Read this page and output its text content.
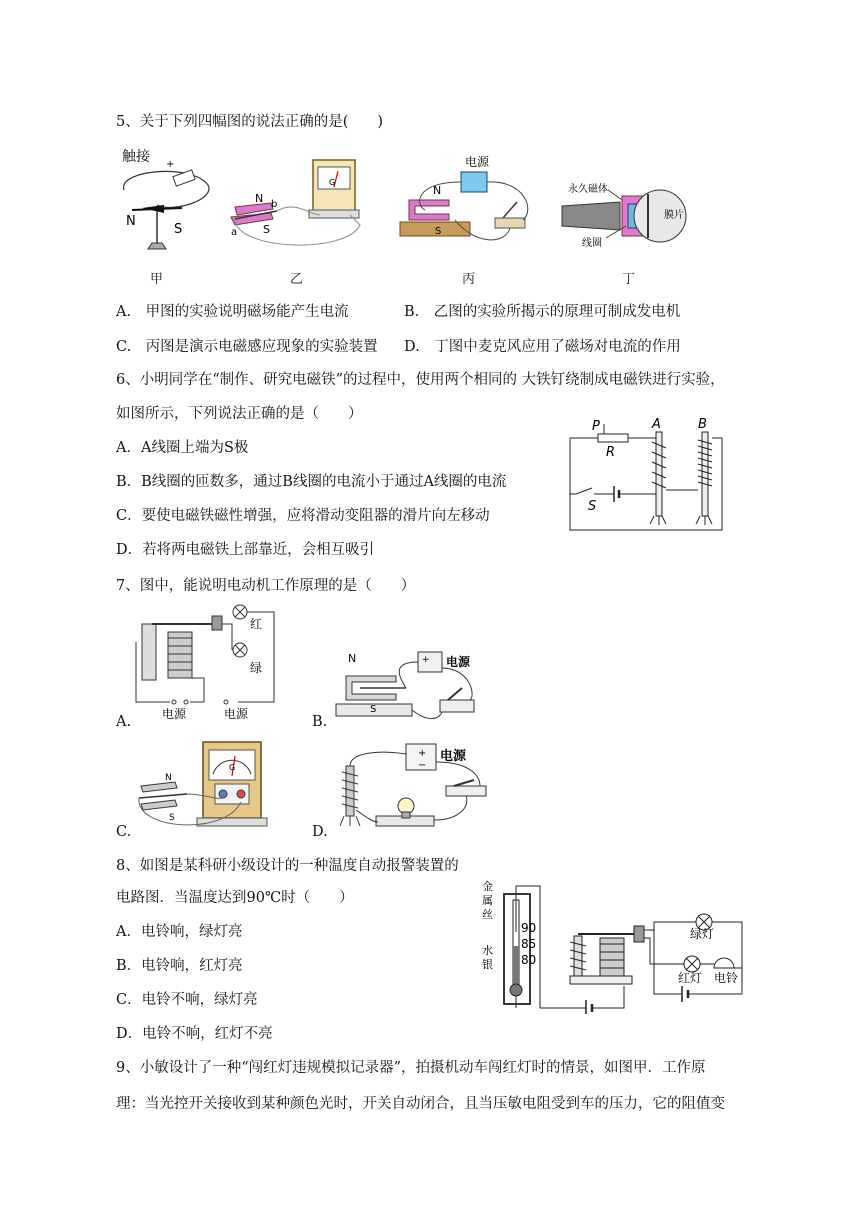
5、关于下列四幅图的说法正确的是(　　)
触接 +
N
S
甲
G
N
S
a
b
乙
电源
N
S
丙
永久磁体
膜片
线圈
丁
A.　甲图的实验说明磁场能产生电流	B.　乙图的实验所揭示的原理可制成发电机
C.　丙图是演示电磁感应现象的实验装置 D.　丁图中麦克风应用了磁场对电流的作用
6、小明同学在“制作、研究电磁铁”的过程中，使用两个相同的 大铁钉绕制成电磁铁进行实验，
如图所示，下列说法正确的是（　　）
A．A线圈上端为S极
B．B线圈的匝数多，通过B线圈的电流小于通过A线圈的电流
C．要使电磁铁磁性增强，应将滑动变阻器的滑片向左移动
D．若将两电磁铁上部靠近，会相互吸引
P
R
A	B
S
7、图中，能说明电动机工作原理的是（　　）
红
绿
电源	电源
A.
N	+ 电源
S
B.
G
N
S
C.
+
−
电源
D.
8、如图是某科研小级设计的一种温度自动报警装置的
电路图．当温度达到90℃时（　　）
A．电铃响，绿灯亮
B．电铃响，红灯亮
C．电铃不响，绿灯亮
D．电铃不响，红灯不亮
金
属
丝
水
银
90
85
80
绿灯
红灯 电铃
9、小敏设计了一种“闯红灯违规模拟记录器”，拍摄机动车闯红灯时的情景，如图甲．工作原
理：当光控开关接收到某种颜色光时，开关自动闭合，且当压敏电阻受到车的压力，它的阻值变
